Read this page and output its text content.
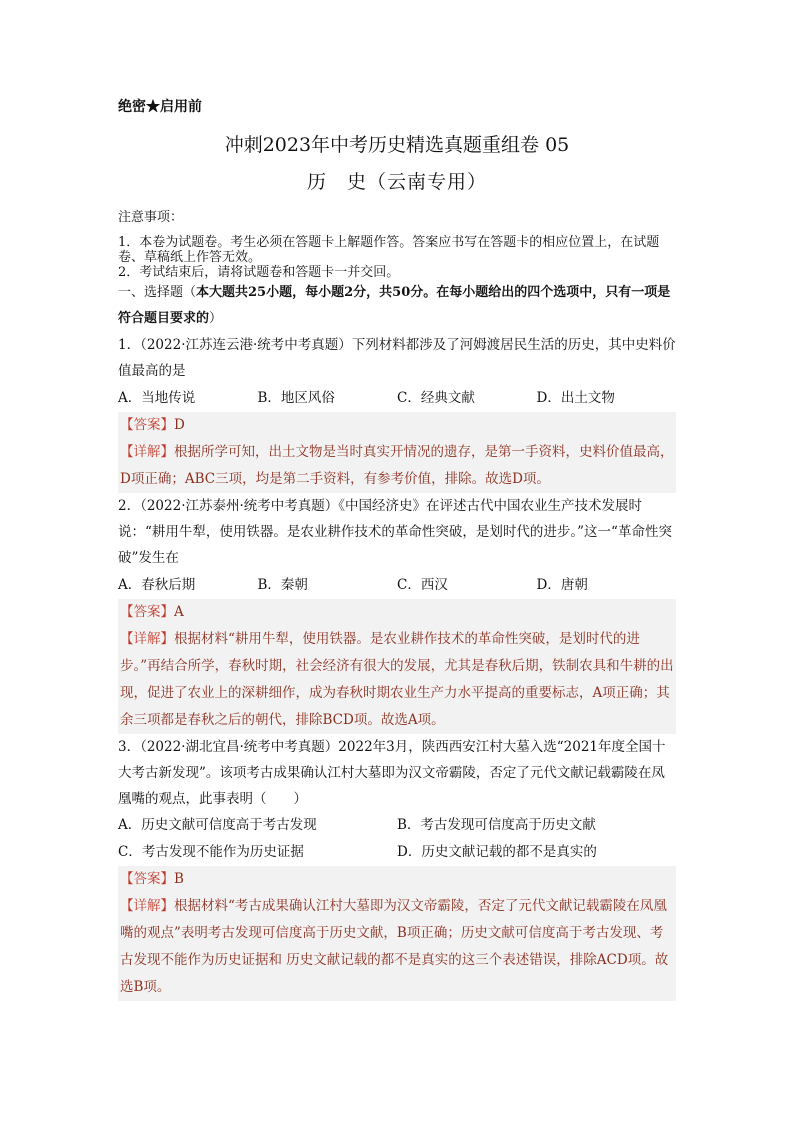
绝密★启用前
冲刺2023年中考历史精选真题重组卷 05
历　史（云南专用）
注意事项：
1．本卷为试题卷。考生必须在答题卡上解题作答。答案应书写在答题卡的相应位置上，在试题卷、草稿纸上作答无效。
2．考试结束后，请将试题卷和答题卡一并交回。
一、选择题（本大题共25小题，每小题2分，共50分。在每小题给出的四个选项中，只有一项是符合题目要求的）
1．（2022·江苏连云港·统考中考真题）下列材料都涉及了河姆渡居民生活的历史，其中史料价值最高的是
A．当地传说	B．地区风俗	C．经典文献	D．出土文物
【答案】D
【详解】根据所学可知，出土文物是当时真实开情况的遗存，是第一手资料，史料价值最高，D项正确；ABC三项，均是第二手资料，有参考价值，排除。故选D项。
2．（2022·江苏泰州·统考中考真题）《中国经济史》在评述古代中国农业生产技术发展时说：“耕用牛犁，使用铁器。是农业耕作技术的革命性突破，是划时代的进步。”这一“革命性突破”发生在
A．春秋后期	B．秦朝	C．西汉	D．唐朝
【答案】A
【详解】根据材料“耕用牛犁，使用铁器。是农业耕作技术的革命性突破，是划时代的进步。”再结合所学，春秋时期，社会经济有很大的发展，尤其是春秋后期，铁制农具和牛耕的出现，促进了农业上的深耕细作，成为春秋时期农业生产力水平提高的重要标志，A项正确；其余三项都是春秋之后的朝代，排除BCD项。故选A项。
3．（2022·湖北宜昌·统考中考真题）2022年3月，陕西西安江村大墓入选“2021年度全国十大考古新发现”。该项考古成果确认江村大墓即为汉文帝霸陵，否定了元代文献记载霸陵在凤凰嘴的观点，此事表明（　　）
A．历史文献可信度高于考古发现	B．考古发现可信度高于历史文献
C．考古发现不能作为历史证据	D．历史文献记载的都不是真实的
【答案】B
【详解】根据材料“考古成果确认江村大墓即为汉文帝霸陵，否定了元代文献记载霸陵在凤凰嘴的观点”表明考古发现可信度高于历史文献，B项正确；历史文献可信度高于考古发现、考古发现不能作为历史证据和 历史文献记载的都不是真实的这三个表述错误，排除ACD项。故选B项。
